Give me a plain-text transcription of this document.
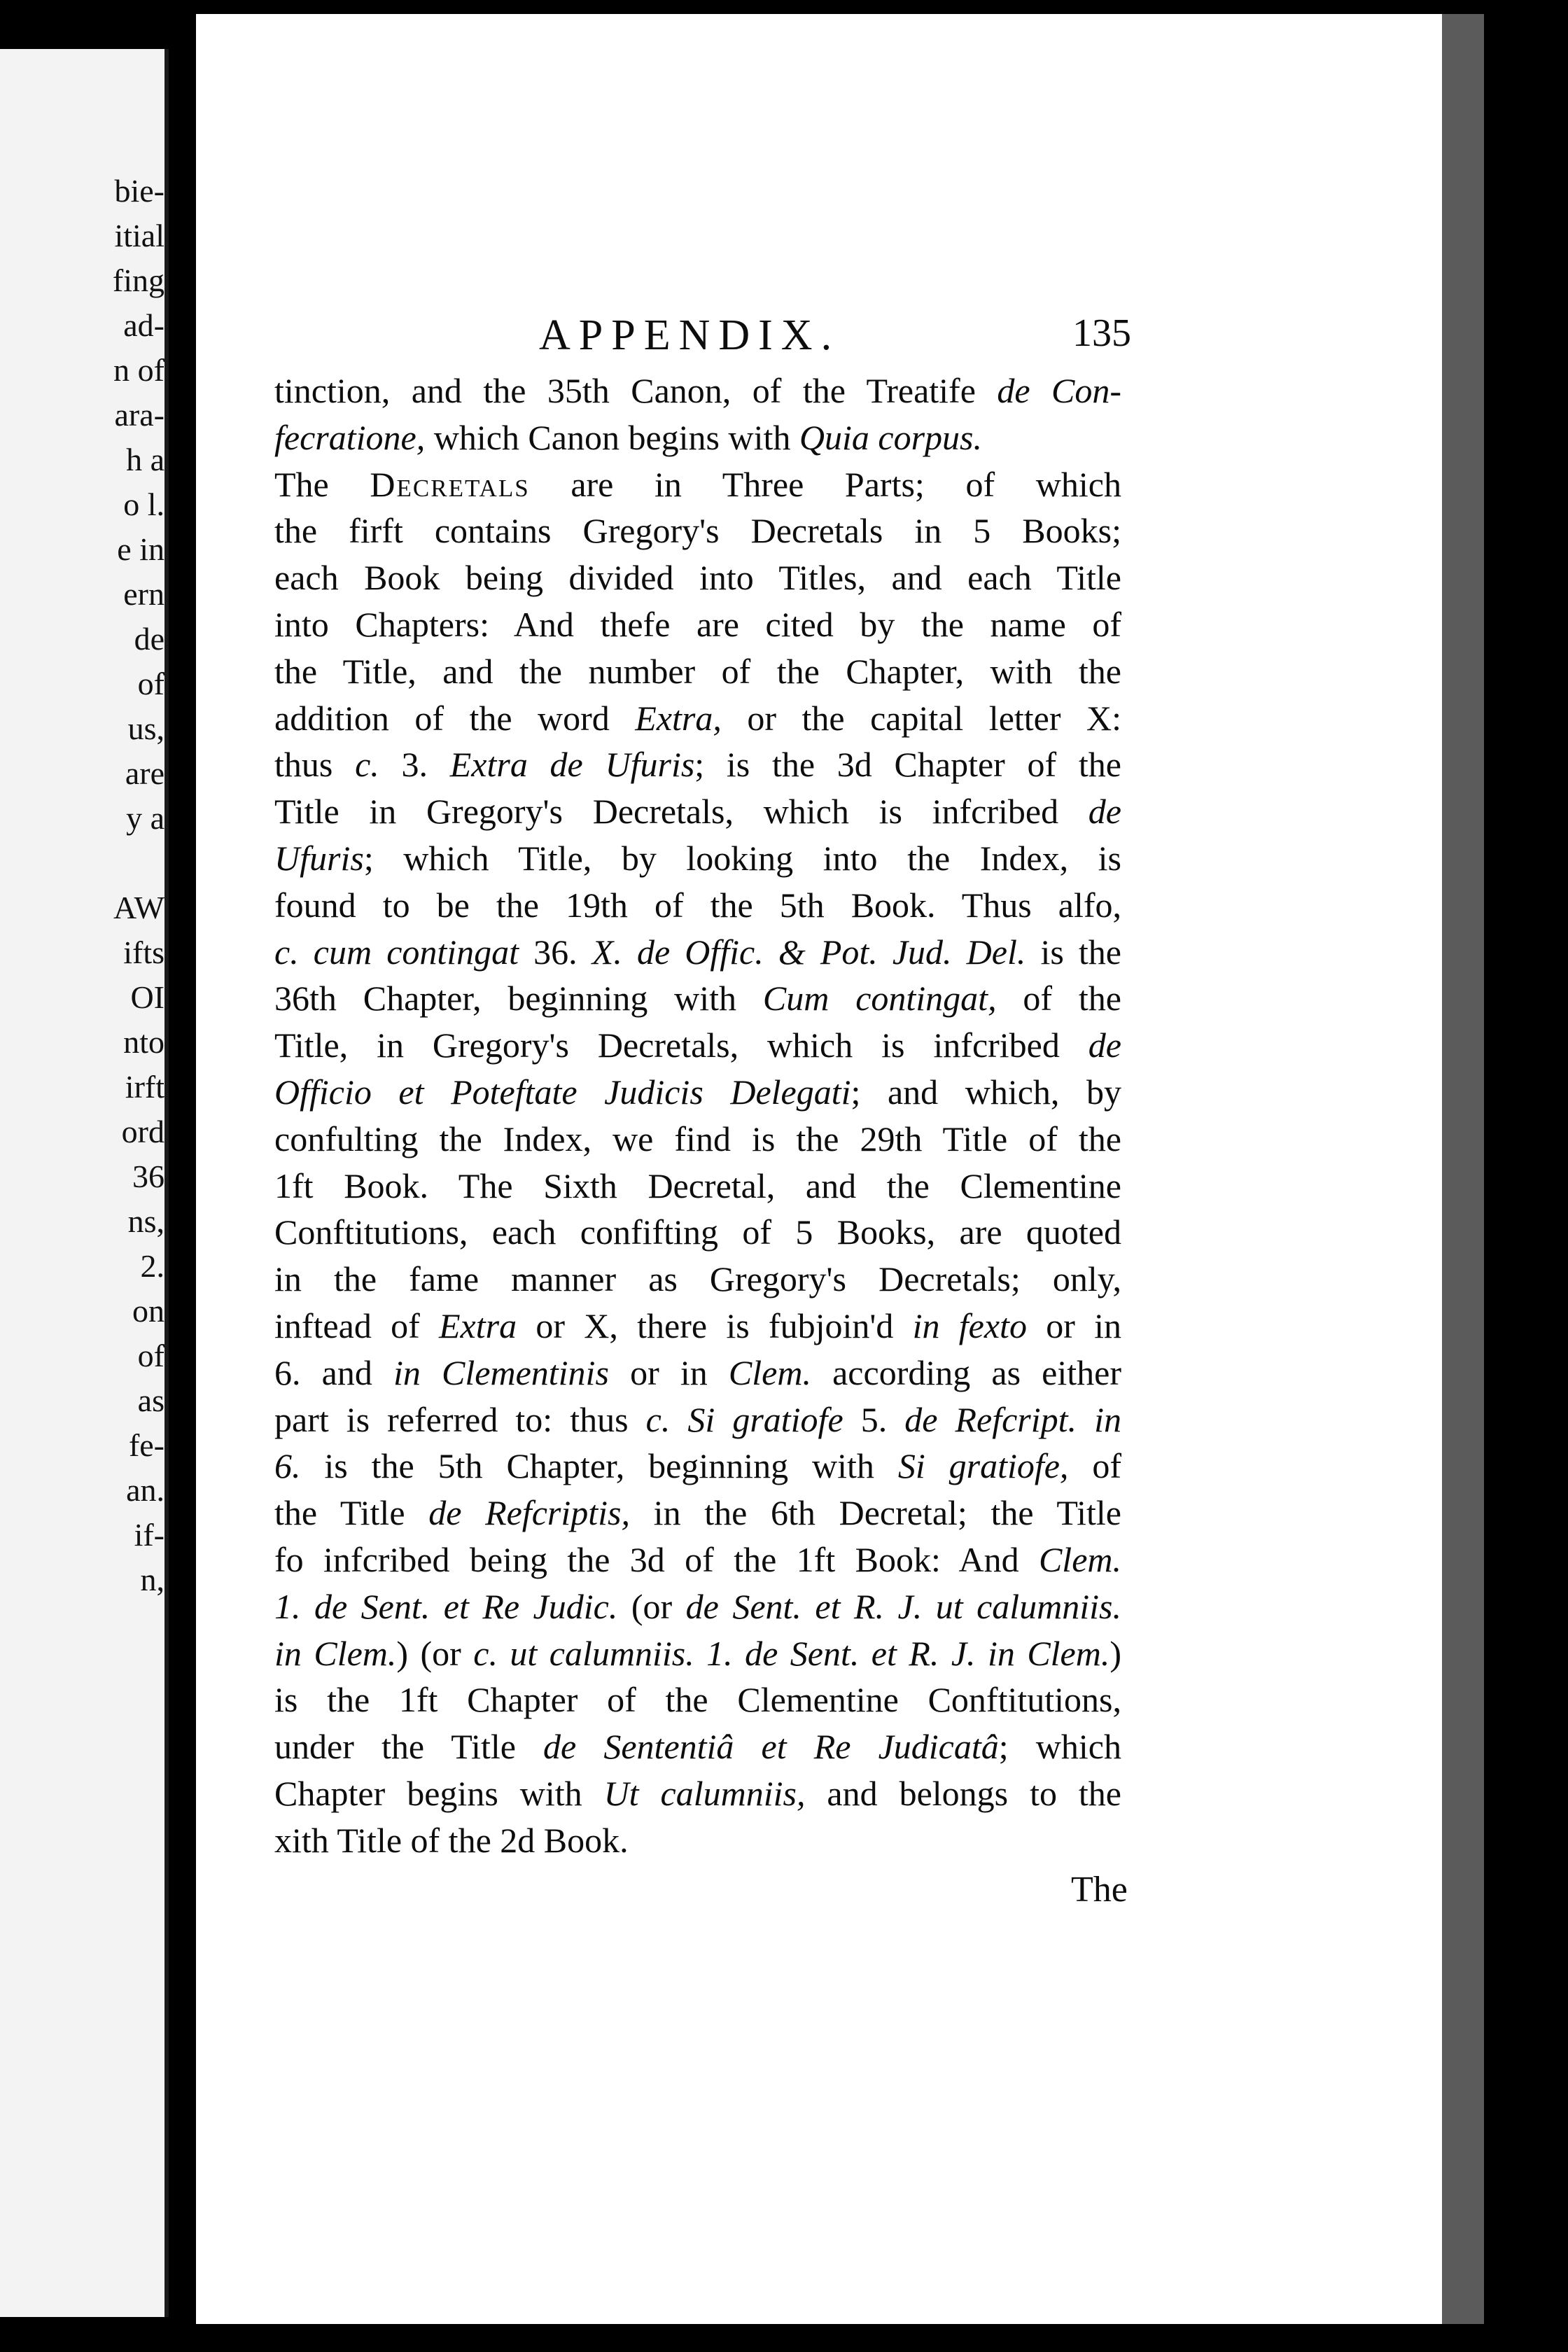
bie-
itial
fing
ad-
n of
ara-
h a
o l.
e in
ern
de
of
us,
are
y a
AW
ifts
OI
nto
irft
ord
36
ns,
2.
on
of
as
fe-
an.
if-
n,
APPENDIX.	135
tinction, and the 35th Canon, of the Treatife de Con-
fecratione, which Canon begins with Quia corpus.
The Decretals are in Three Parts; of which
the firft contains Gregory's Decretals in 5 Books;
each Book being divided into Titles, and each Title
into Chapters: And thefe are cited by the name of
the Title, and the number of the Chapter, with the
addition of the word Extra, or the capital letter X:
thus c. 3. Extra de Ufuris; is the 3d Chapter of the
Title in Gregory's Decretals, which is infcribed de
Ufuris; which Title, by looking into the Index, is
found to be the 19th of the 5th Book. Thus alfo,
c. cum contingat 36. X. de Offic. & Pot. Jud. Del. is the
36th Chapter, beginning with Cum contingat, of the
Title, in Gregory's Decretals, which is infcribed de
Officio et Poteftate Judicis Delegati; and which, by
confulting the Index, we find is the 29th Title of the
1ft Book. The Sixth Decretal, and the Clementine
Conftitutions, each confifting of 5 Books, are quoted
in the fame manner as Gregory's Decretals; only,
inftead of Extra or X, there is fubjoin'd in fexto or in
6. and in Clementinis or in Clem. according as either
part is referred to: thus c. Si gratiofe 5. de Refcript. in
6. is the 5th Chapter, beginning with Si gratiofe, of
the Title de Refcriptis, in the 6th Decretal; the Title
fo infcribed being the 3d of the 1ft Book: And Clem.
1. de Sent. et Re Judic. (or de Sent. et R. J. ut calumniis.
in Clem.) (or c. ut calumniis. 1. de Sent. et R. J. in Clem.)
is the 1ft Chapter of the Clementine Conftitutions,
under the Title de Sententiâ et Re Judicatâ; which
Chapter begins with Ut calumniis, and belongs to the
xith Title of the 2d Book.
The
